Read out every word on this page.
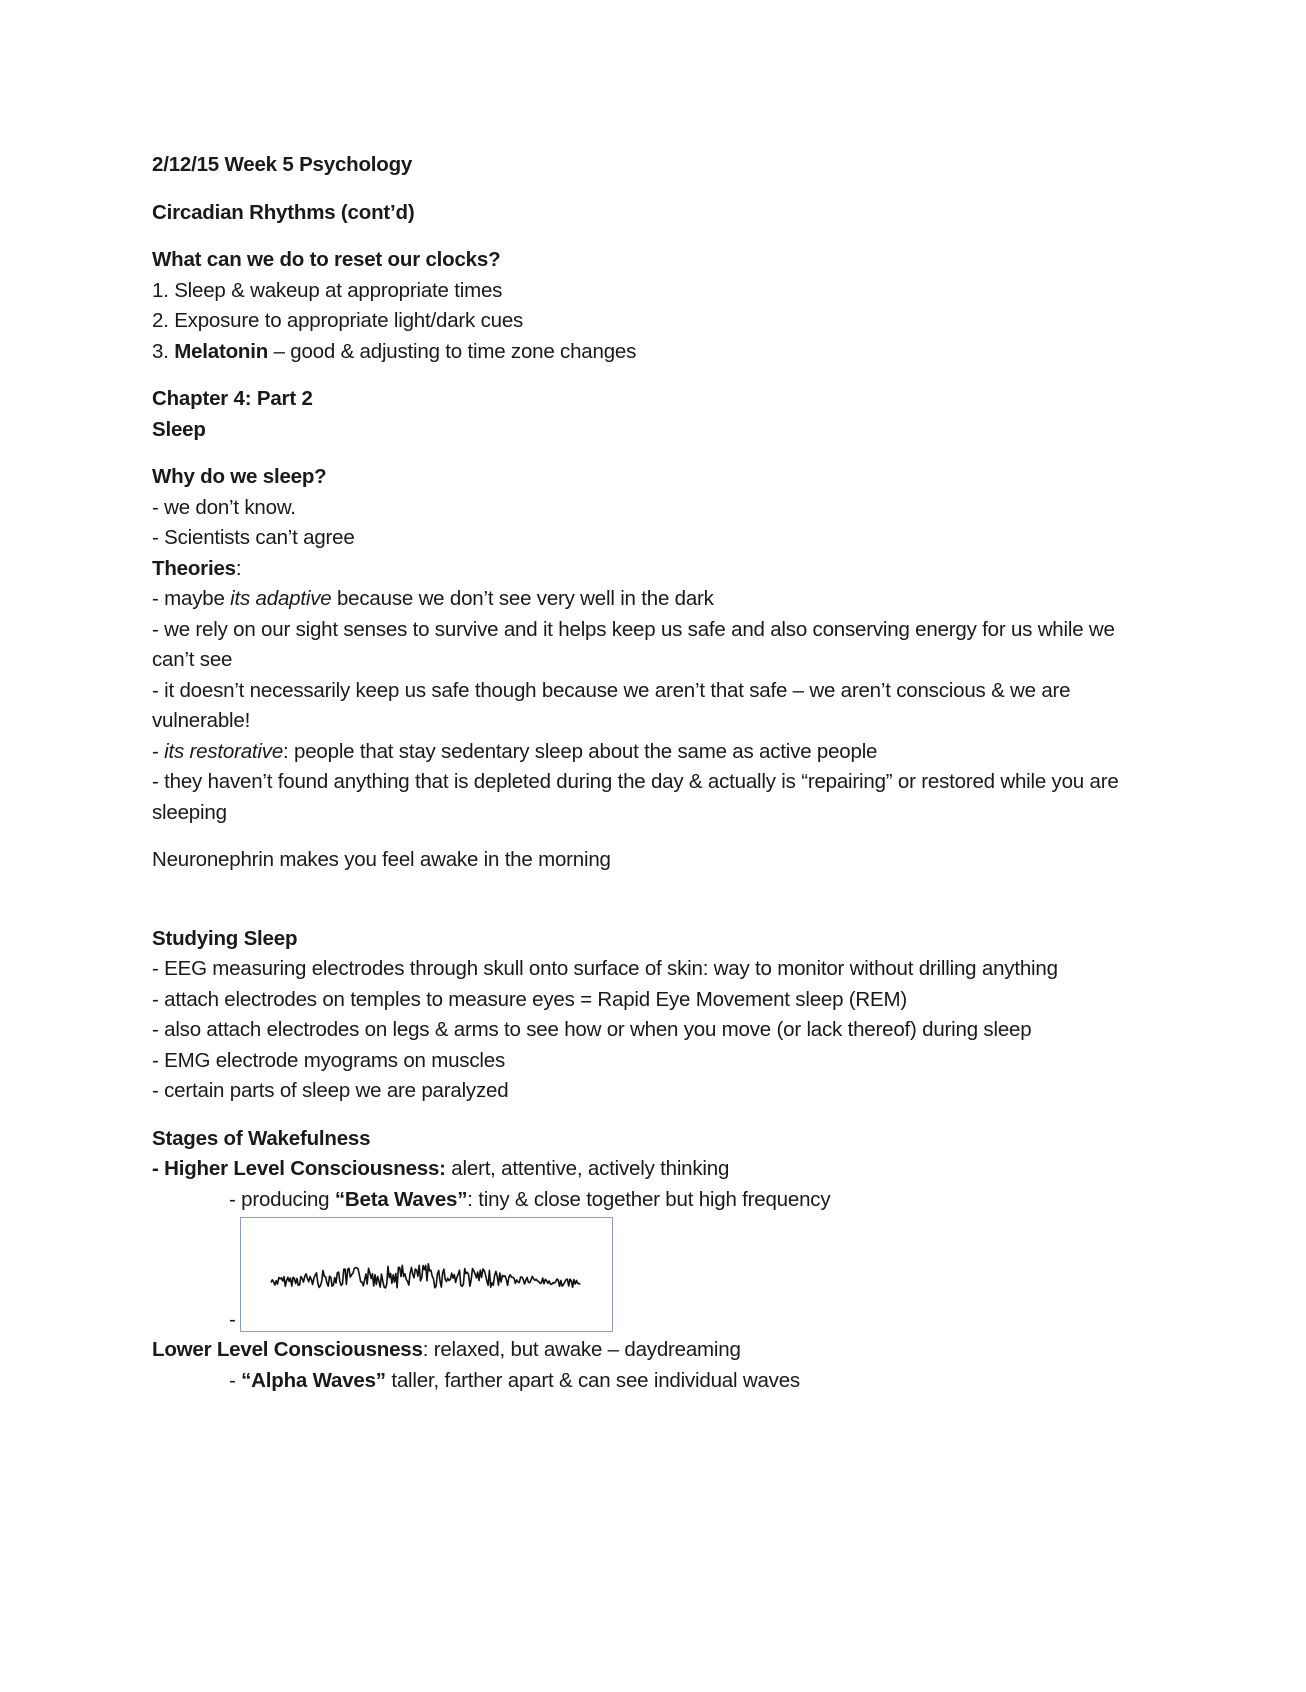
2/12/15 Week 5 Psychology
Circadian Rhythms (cont’d)
What can we do to reset our clocks?
1. Sleep & wakeup at appropriate times
2. Exposure to appropriate light/dark cues
3. Melatonin – good & adjusting to time zone changes
Chapter 4: Part 2
Sleep
Why do we sleep?
- we don’t know.
- Scientists can’t agree
Theories:
- maybe its adaptive because we don’t see very well in the dark
- we rely on our sight senses to survive and it helps keep us safe and also conserving energy for us while we can’t see
- it doesn’t necessarily keep us safe though because we aren’t that safe – we aren’t conscious & we are vulnerable!
- its restorative: people that stay sedentary sleep about the same as active people
- they haven’t found anything that is depleted during the day & actually is “repairing” or restored while you are sleeping
Neuronephrin makes you feel awake in the morning
Studying Sleep
- EEG measuring electrodes through skull onto surface of skin: way to monitor without drilling anything
- attach electrodes on temples to measure eyes = Rapid Eye Movement sleep (REM)
- also attach electrodes on legs & arms to see how or when you move (or lack thereof) during sleep
- EMG electrode myograms on muscles
- certain parts of sleep we are paralyzed
Stages of Wakefulness
- Higher Level Consciousness: alert, attentive, actively thinking
- producing “Beta Waves”: tiny & close together but high frequency
-
Lower Level Consciousness: relaxed, but awake – daydreaming
- “Alpha Waves” taller, farther apart & can see individual waves
